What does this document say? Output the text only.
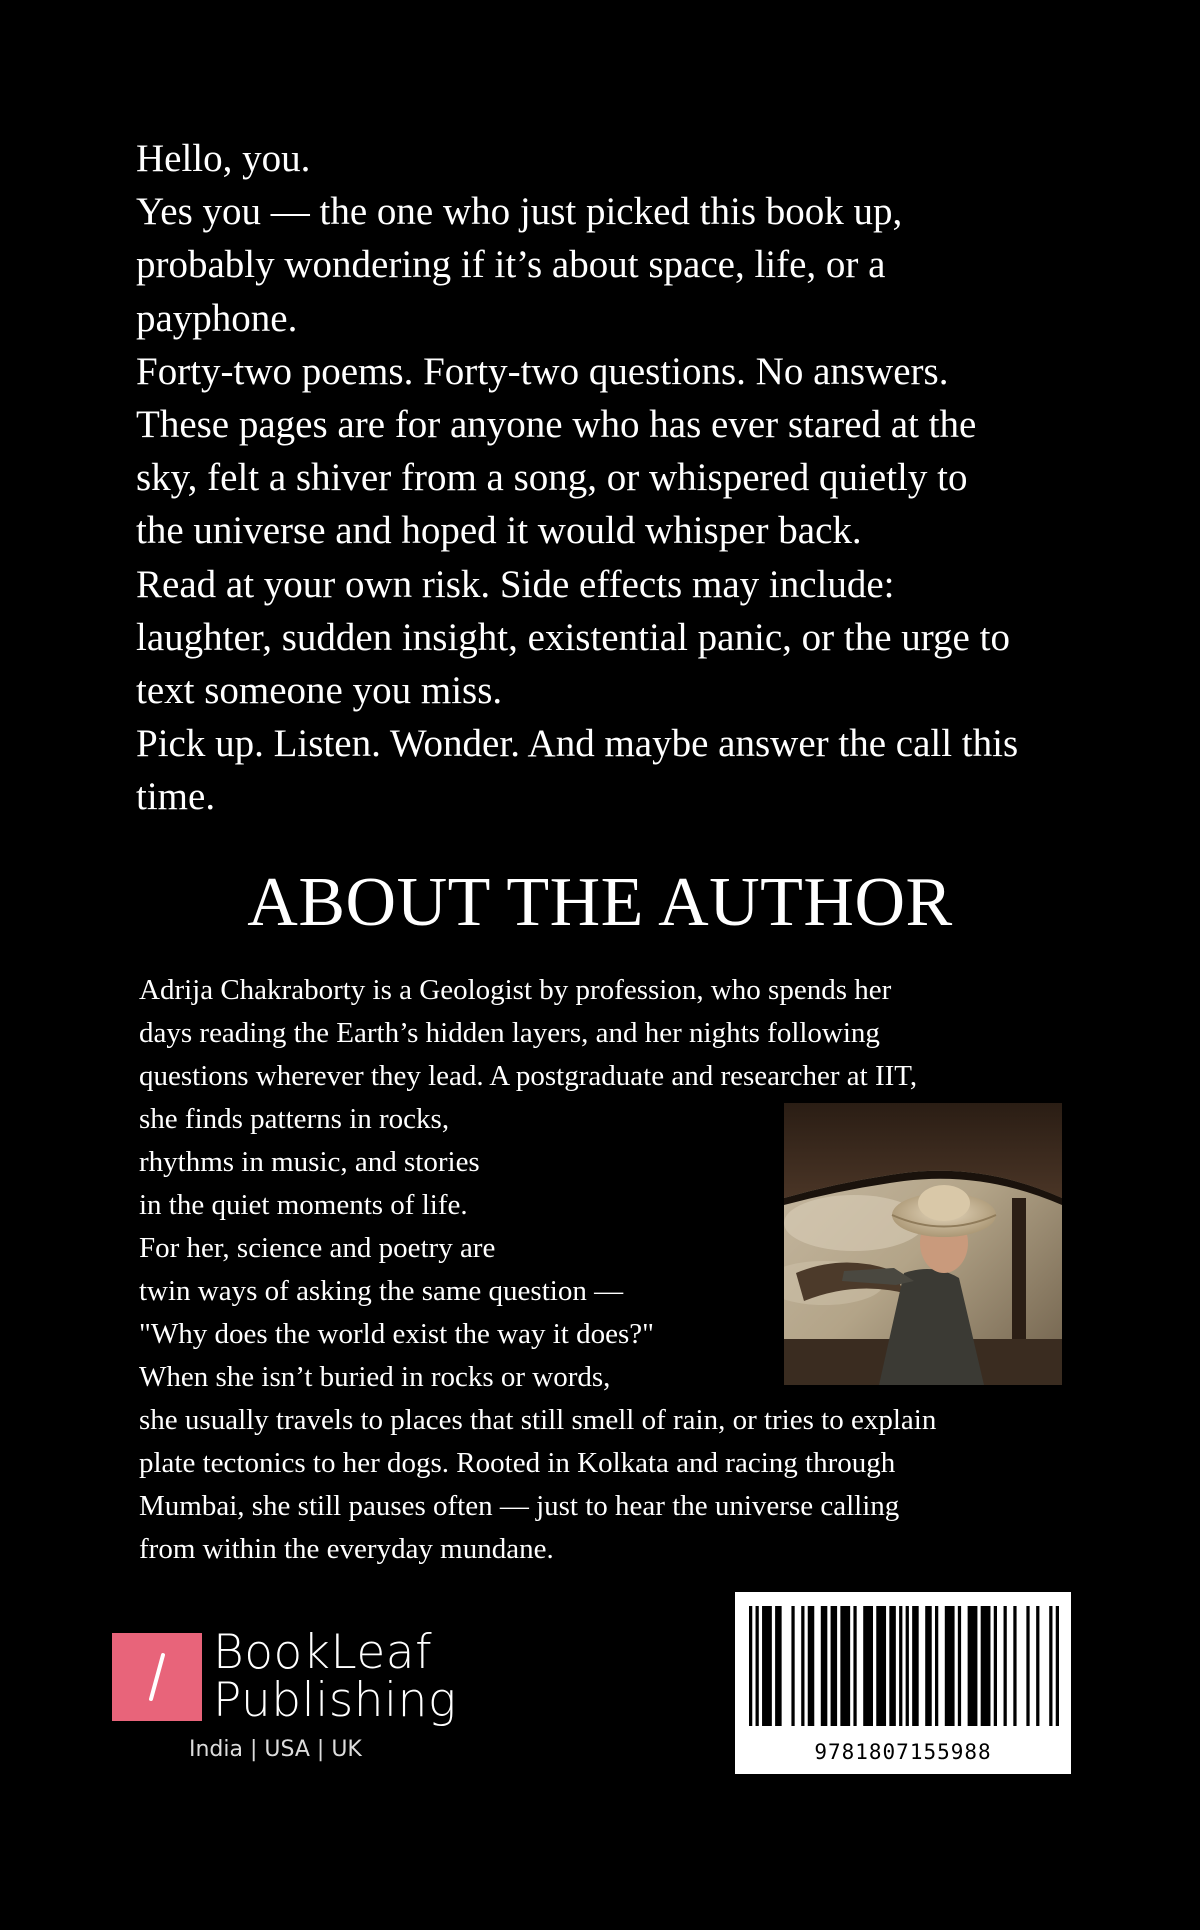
Hello, you.

Yes you — the one who just picked this book up,

probably wondering if it’s about space, life, or a

payphone.

Forty-two poems. Forty-two questions. No answers.

These pages are for anyone who has ever stared at the

sky, felt a shiver from a song, or whispered quietly to

the universe and hoped it would whisper back.

Read at your own risk. Side effects may include:

laughter, sudden insight, existential panic, or the urge to

text someone you miss.

Pick up. Listen. Wonder. And maybe answer the call this

time.

ABOUT THE AUTHOR
Adrija Chakraborty is a Geologist by profession, who spends her
days reading the Earth’s hidden layers, and her nights following
questions wherever they lead. A postgraduate and researcher at IIT,
she finds patterns in rocks,
rhythms in music, and stories
in the quiet moments of life.
For her, science and poetry are
twin ways of asking the same question —
"Why does the world exist the way it does?"
When she isn’t buried in rocks or words,
she usually travels to places that still smell of rain, or tries to explain
plate tectonics to her dogs. Rooted in Kolkata and racing through
Mumbai, she still pauses often — just to hear the universe calling
from within the everyday mundane.
BookLeaf
Publishing
India | USA | UK	9781807155988
